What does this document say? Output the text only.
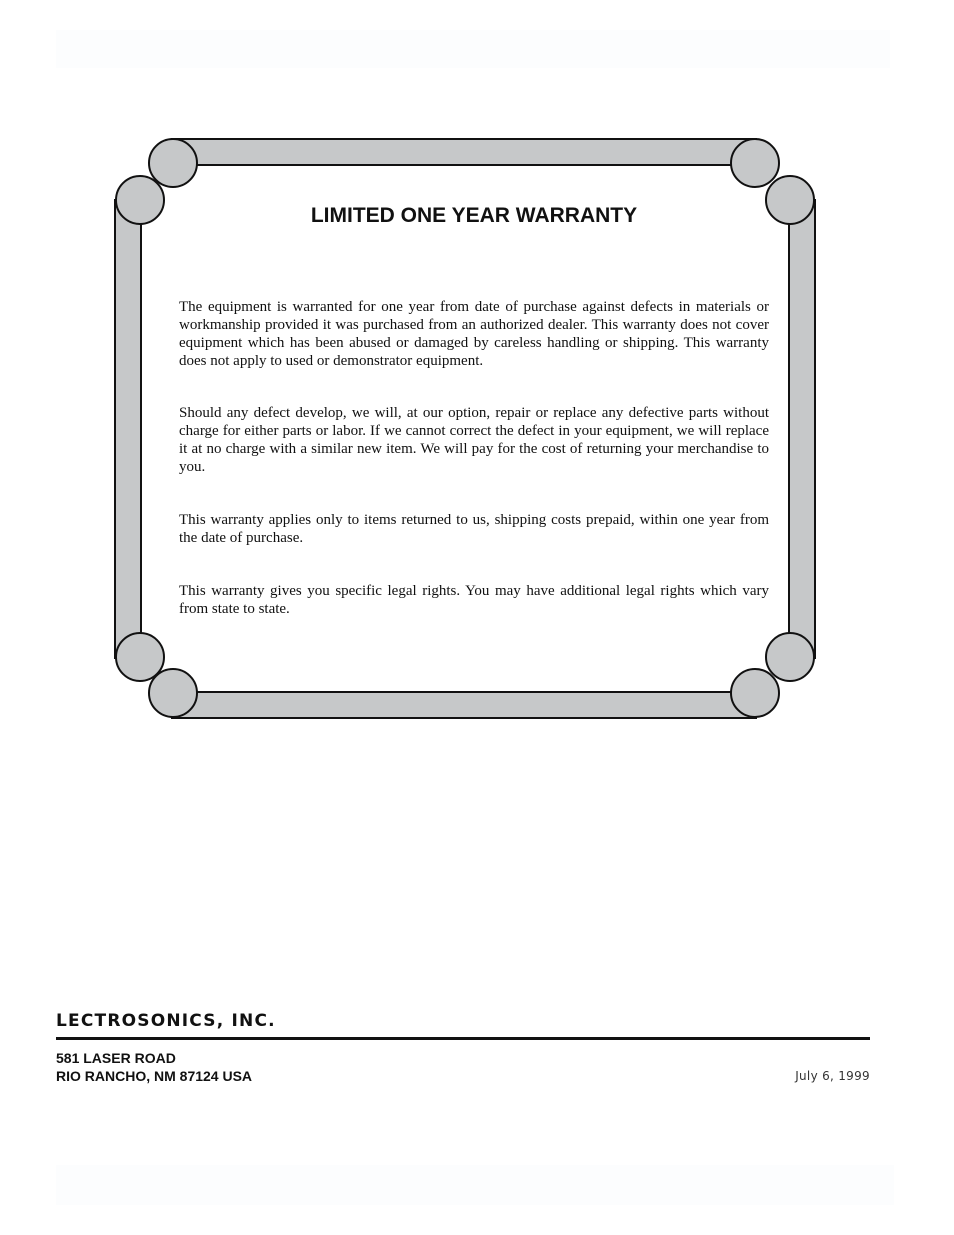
LIMITED ONE YEAR WARRANTY

The equipment is warranted for one year from date of purchase against defects in materials or workmanship provided it was purchased from an authorized dealer. This warranty does not cover equipment which has been abused or damaged by careless handling or shipping. This warranty does not apply to used or demonstrator equipment.

Should any defect develop, we will, at our option, repair or replace any defective parts without charge for either parts or labor. If we cannot correct the defect in your equipment, we will replace it at no charge with a similar new item. We will pay for the cost of returning your merchandise to you.

This warranty applies only to items returned to us, shipping costs prepaid, within one year from the date of purchase.

This warranty gives you specific legal rights. You may have additional legal rights which vary from state to state.

LECTROSONICS, INC.
581 LASER ROAD
RIO RANCHO, NM 87124 USA	July 6, 1999
